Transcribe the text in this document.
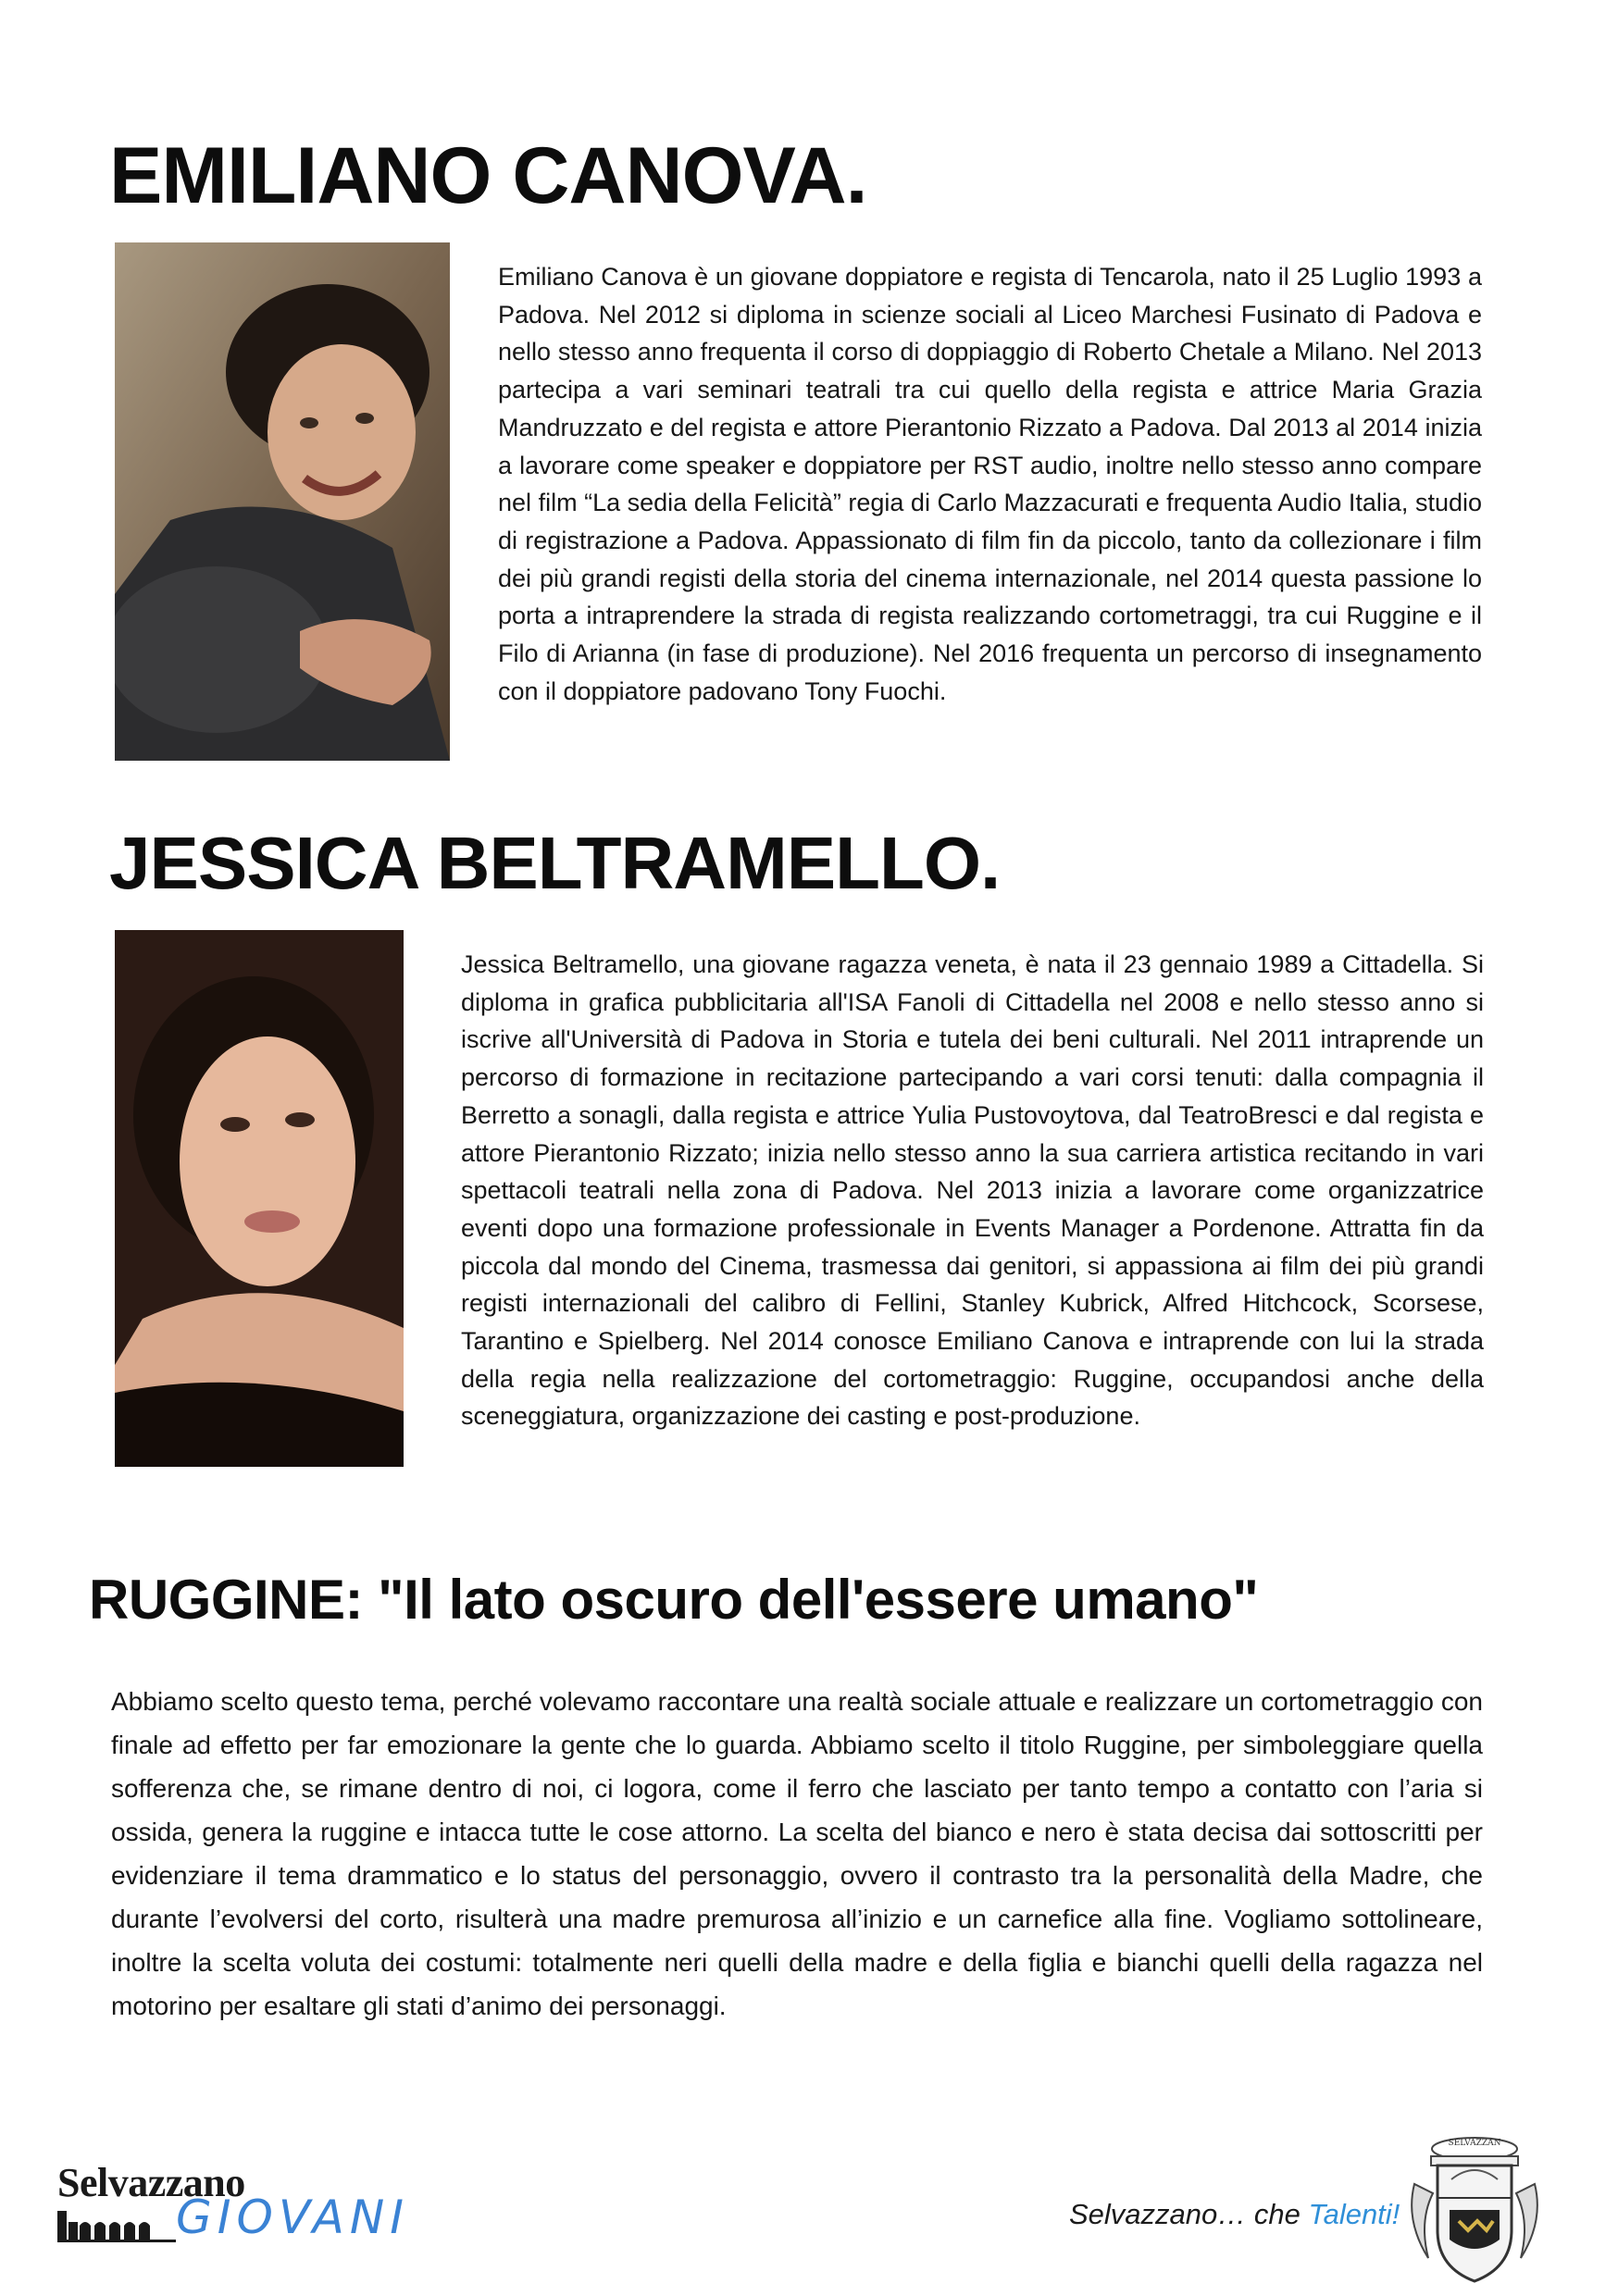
EMILIANO CANOVA.

Emiliano Canova è un giovane doppiatore e regista di Tencarola, nato il 25 Luglio 1993 a Padova. Nel 2012 si diploma in scienze sociali al Liceo Marchesi Fusinato di Padova e nello stesso anno frequenta il corso di doppiaggio di Roberto Chetale a Milano. Nel 2013 partecipa a vari seminari teatrali tra cui quello della regista e attrice Maria Grazia Mandruzzato e del regista e attore Pierantonio Rizzato a Padova. Dal 2013 al 2014 inizia a lavorare come speaker e doppiatore per RST audio, inoltre nello stesso anno compare nel film “La sedia della Felicità” regia di Carlo Mazzacurati e frequenta Audio Italia, studio di registrazione a Padova. Appassionato di film fin da piccolo, tanto da collezionare i film dei più grandi registi della storia del cinema internazionale, nel 2014 questa passione lo porta a intraprendere la strada di regista realizzando cortometraggi, tra cui Ruggine e il Filo di Arianna (in fase di produzione). Nel 2016 frequenta un percorso di insegnamento con il doppiatore padovano Tony Fuochi.

JESSICA BELTRAMELLO.

Jessica Beltramello, una giovane ragazza veneta, è nata il 23 gennaio 1989 a Cittadella. Si diploma in grafica pubblicitaria all'ISA Fanoli di Cittadella nel 2008 e nello stesso anno si iscrive all'Università di Padova in Storia e tutela dei beni culturali. Nel 2011 intraprende un percorso di formazione in recitazione partecipando a vari corsi tenuti: dalla compagnia il Berretto a sonagli, dalla regista e attrice Yulia Pustovoytova, dal TeatroBresci e dal regista e attore Pierantonio Rizzato; inizia nello stesso anno la sua carriera artistica recitando in vari spettacoli teatrali nella zona di Padova. Nel 2013 inizia a lavorare come organizzatrice eventi dopo una formazione professionale in Events Manager a Pordenone. Attratta fin da piccola dal mondo del Cinema, trasmessa dai genitori, si appassiona ai film dei più grandi registi internazionali del calibro di Fellini, Stanley Kubrick, Alfred Hitchcock, Scorsese, Tarantino e Spielberg. Nel 2014 conosce Emiliano Canova e intraprende con lui la strada della regia nella realizzazione del cortometraggio: Ruggine, occupandosi anche della sceneggiatura, organizzazione dei casting e post-produzione.

RUGGINE: "Il lato oscuro dell'essere umano"

Abbiamo scelto questo tema, perché volevamo raccontare una realtà sociale attuale e realizzare un cortometraggio con finale ad effetto per far emozionare la gente che lo guarda. Abbiamo scelto il titolo Ruggine, per simboleggiare quella sofferenza che, se rimane dentro di noi, ci logora, come il ferro che lasciato per tanto tempo a contatto con l’aria si ossida, genera la ruggine e intacca tutte le cose attorno. La scelta del bianco e nero è stata decisa dai sottoscritti per evidenziare il tema drammatico e lo status del personaggio, ovvero il contrasto tra la personalità della Madre, che durante l’evolversi del corto, risulterà una madre premurosa all’inizio e un carnefice alla fine. Vogliamo sottolineare, inoltre la scelta voluta dei costumi: totalmente neri quelli della madre e della figlia e bianchi quelli della ragazza nel motorino per esaltare gli stati d’animo dei personaggi.

Selvazzano
GIOVANI	Selvazzano… che Talenti!
SELVAZZAN
